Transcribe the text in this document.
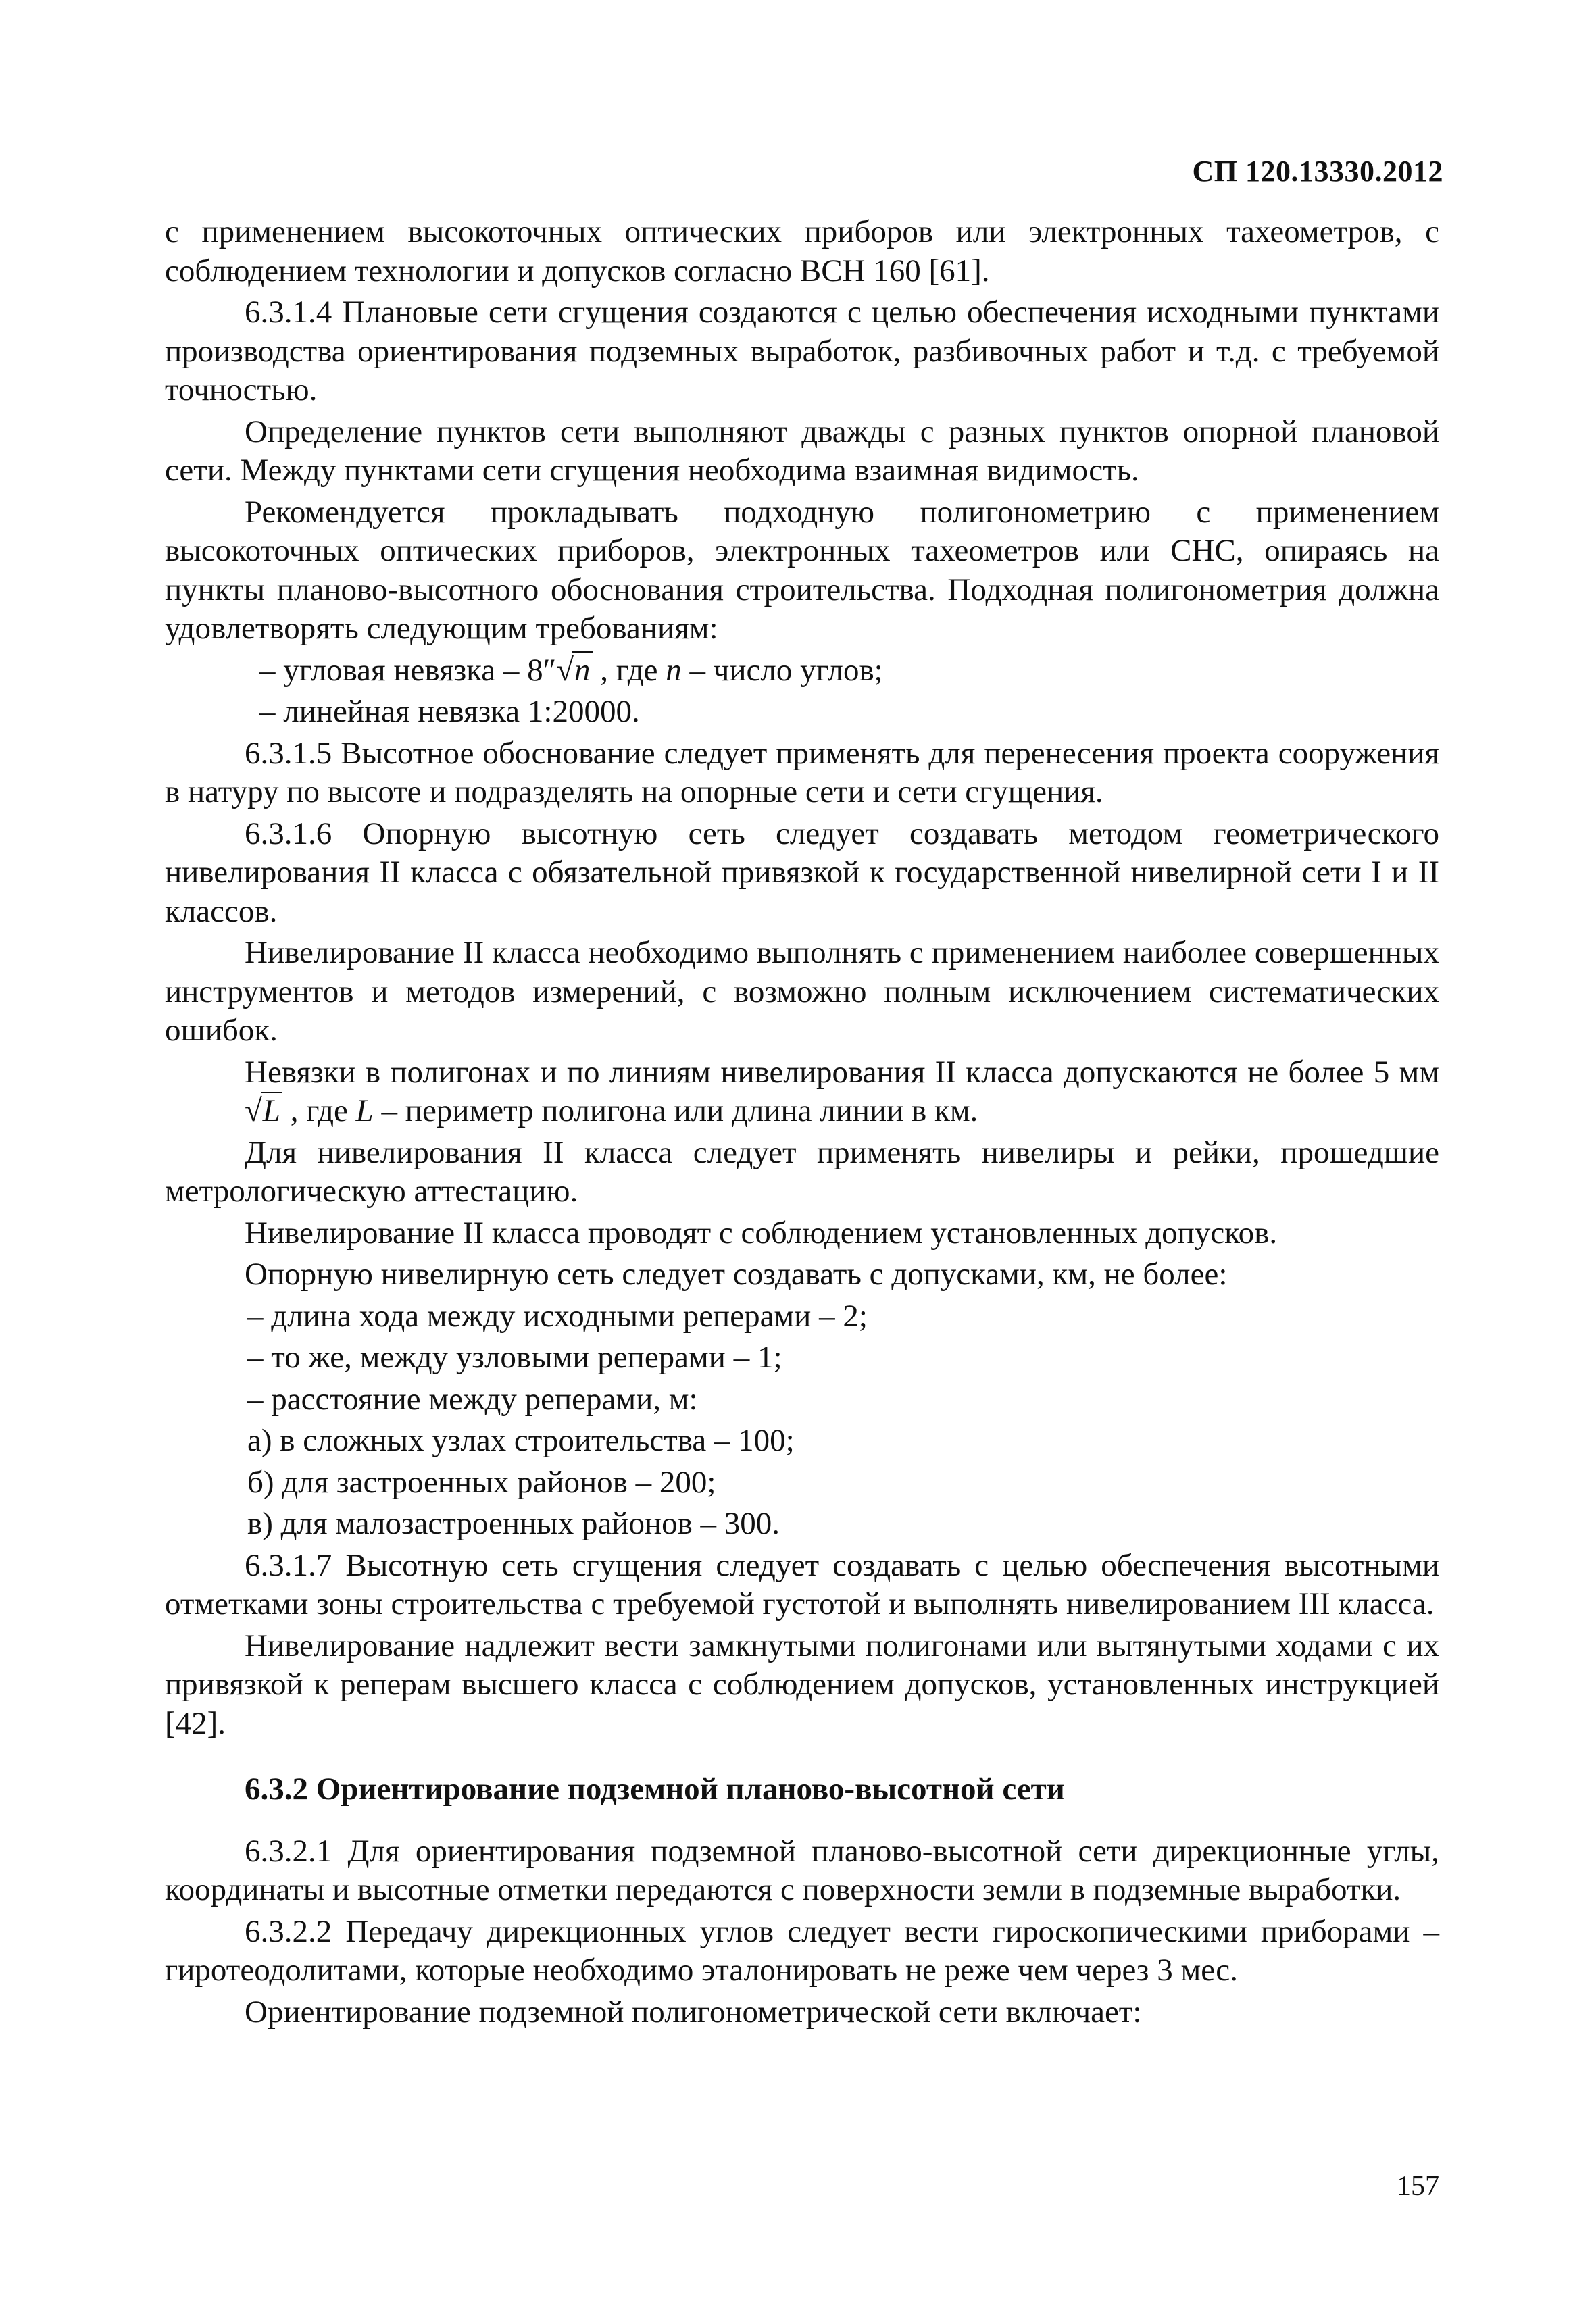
СП 120.13330.2012

с применением высокоточных оптических приборов или электронных тахеометров, с соблюдением технологии и допусков согласно ВСН 160 [61].

6.3.1.4 Плановые сети сгущения создаются с целью обеспечения исходными пунктами производства ориентирования подземных выработок, разбивочных работ и т.д. с требуемой точностью.

Определение пунктов сети выполняют дважды с разных пунктов опорной плановой сети. Между пунктами сети сгущения необходима взаимная видимость.

Рекомендуется прокладывать подходную полигонометрию с применением высокоточных оптических приборов, электронных тахеометров или СНС, опираясь на пункты планово-высотного обоснования строительства. Подходная полигонометрия должна удовлетворять следующим требованиям:

– угловая невязка – 8″√n , где n – число углов;
– линейная невязка 1:20000.

6.3.1.5 Высотное обоснование следует применять для перенесения проекта сооружения в натуру по высоте и подразделять на опорные сети и сети сгущения.

6.3.1.6 Опорную высотную сеть следует создавать методом геометрического нивелирования II класса с обязательной привязкой к государственной нивелирной сети I и II классов.

Нивелирование II класса необходимо выполнять с применением наиболее совершенных инструментов и методов измерений, с возможно полным исключением систематических ошибок.

Невязки в полигонах и по линиям нивелирования II класса допускаются не более 5 мм √L , где L – периметр полигона или длина линии в км.

Для нивелирования II класса следует применять нивелиры и рейки, прошедшие метрологическую аттестацию.

Нивелирование II класса проводят с соблюдением установленных допусков.

Опорную нивелирную сеть следует создавать с допусками, км, не более:

– длина хода между исходными реперами – 2;
– то же, между узловыми реперами – 1;
– расстояние между реперами, м:
а) в сложных узлах строительства – 100;
б) для застроенных районов – 200;
в) для малозастроенных районов – 300.

6.3.1.7 Высотную сеть сгущения следует создавать с целью обеспечения высотными отметками зоны строительства с требуемой густотой и выполнять нивелированием III класса.

Нивелирование надлежит вести замкнутыми полигонами или вытянутыми ходами с их привязкой к реперам высшего класса с соблюдением допусков, установленных инструкцией [42].

6.3.2 Ориентирование подземной планово-высотной сети

6.3.2.1 Для ориентирования подземной планово-высотной сети дирекционные углы, координаты и высотные отметки передаются с поверхности земли в подземные выработки.

6.3.2.2 Передачу дирекционных углов следует вести гироскопическими приборами – гиротеодолитами, которые необходимо эталонировать не реже чем через 3 мес.

Ориентирование подземной полигонометрической сети включает:

157
